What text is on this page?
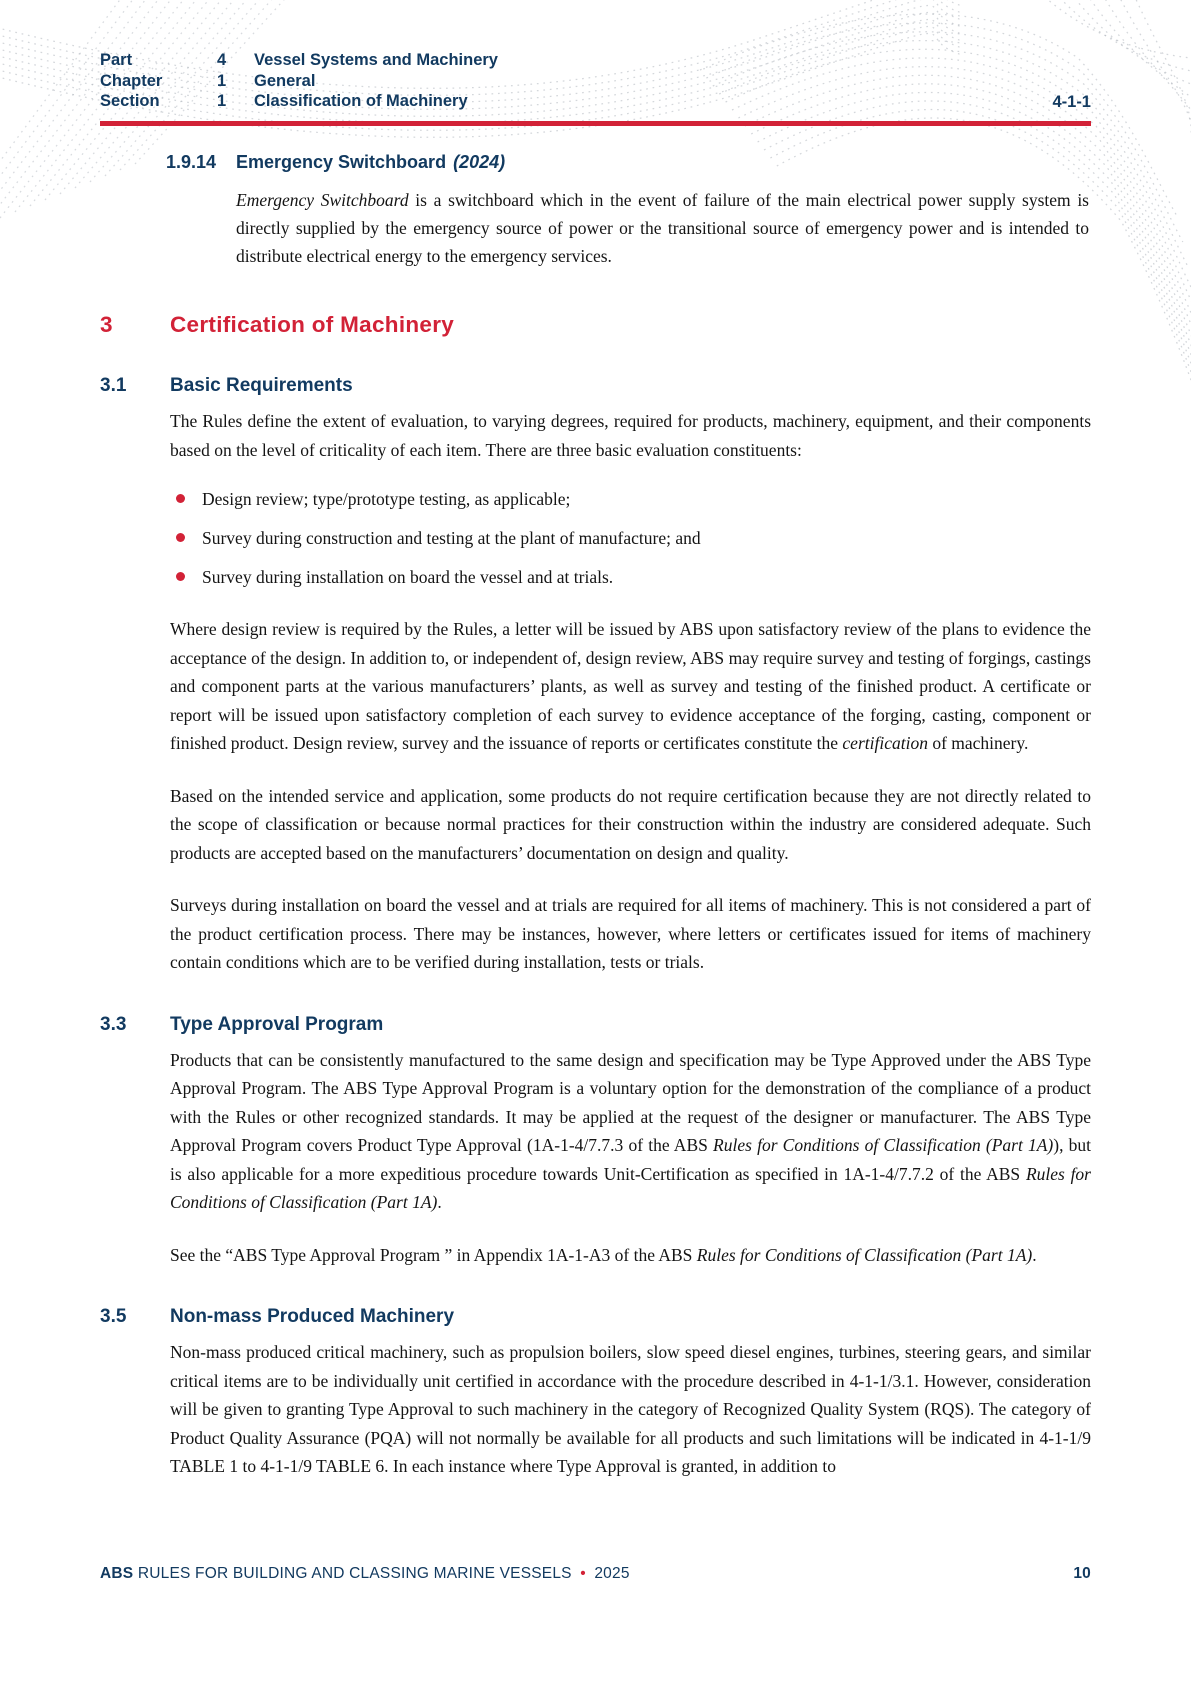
Part	4	Vessel Systems and Machinery
Chapter	1	General
Section	1	Classification of Machinery	4-1-1
1.9.14	Emergency Switchboard (2024)

Emergency Switchboard is a switchboard which in the event of failure of the main electrical power supply system is directly supplied by the emergency source of power or the transitional source of emergency power and is intended to distribute electrical energy to the emergency services.

3	Certification of Machinery
3.1	Basic Requirements

The Rules define the extent of evaluation, to varying degrees, required for products, machinery, equipment, and their components based on the level of criticality of each item. There are three basic evaluation constituents:

Design review; type/prototype testing, as applicable;
Survey during construction and testing at the plant of manufacture; and
Survey during installation on board the vessel and at trials.

Where design review is required by the Rules, a letter will be issued by ABS upon satisfactory review of the plans to evidence the acceptance of the design. In addition to, or independent of, design review, ABS may require survey and testing of forgings, castings and component parts at the various manufacturers’ plants, as well as survey and testing of the finished product. A certificate or report will be issued upon satisfactory completion of each survey to evidence acceptance of the forging, casting, component or finished product. Design review, survey and the issuance of reports or certificates constitute the certification of machinery.

Based on the intended service and application, some products do not require certification because they are not directly related to the scope of classification or because normal practices for their construction within the industry are considered adequate. Such products are accepted based on the manufacturers’ documentation on design and quality.

Surveys during installation on board the vessel and at trials are required for all items of machinery. This is not considered a part of the product certification process. There may be instances, however, where letters or certificates issued for items of machinery contain conditions which are to be verified during installation, tests or trials.

3.3	Type Approval Program

Products that can be consistently manufactured to the same design and specification may be Type Approved under the ABS Type Approval Program. The ABS Type Approval Program is a voluntary option for the demonstration of the compliance of a product with the Rules or other recognized standards. It may be applied at the request of the designer or manufacturer. The ABS Type Approval Program covers Product Type Approval (1A-1-4/7.7.3 of the ABS Rules for Conditions of Classification (Part 1A)), but is also applicable for a more expeditious procedure towards Unit-Certification as specified in 1A-1-4/7.7.2 of the ABS Rules for Conditions of Classification (Part 1A).

See the “ABS Type Approval Program ” in Appendix 1A-1-A3 of the ABS Rules for Conditions of Classification (Part 1A).

3.5	Non-mass Produced Machinery

Non-mass produced critical machinery, such as propulsion boilers, slow speed diesel engines, turbines, steering gears, and similar critical items are to be individually unit certified in accordance with the procedure described in 4-1-1/3.1. However, consideration will be given to granting Type Approval to such machinery in the category of Recognized Quality System (RQS). The category of Product Quality Assurance (PQA) will not normally be available for all products and such limitations will be indicated in 4-1-1/9 TABLE 1 to 4-1-1/9 TABLE 6. In each instance where Type Approval is granted, in addition to

ABS RULES FOR BUILDING AND CLASSING MARINE VESSELS • 2025	10
